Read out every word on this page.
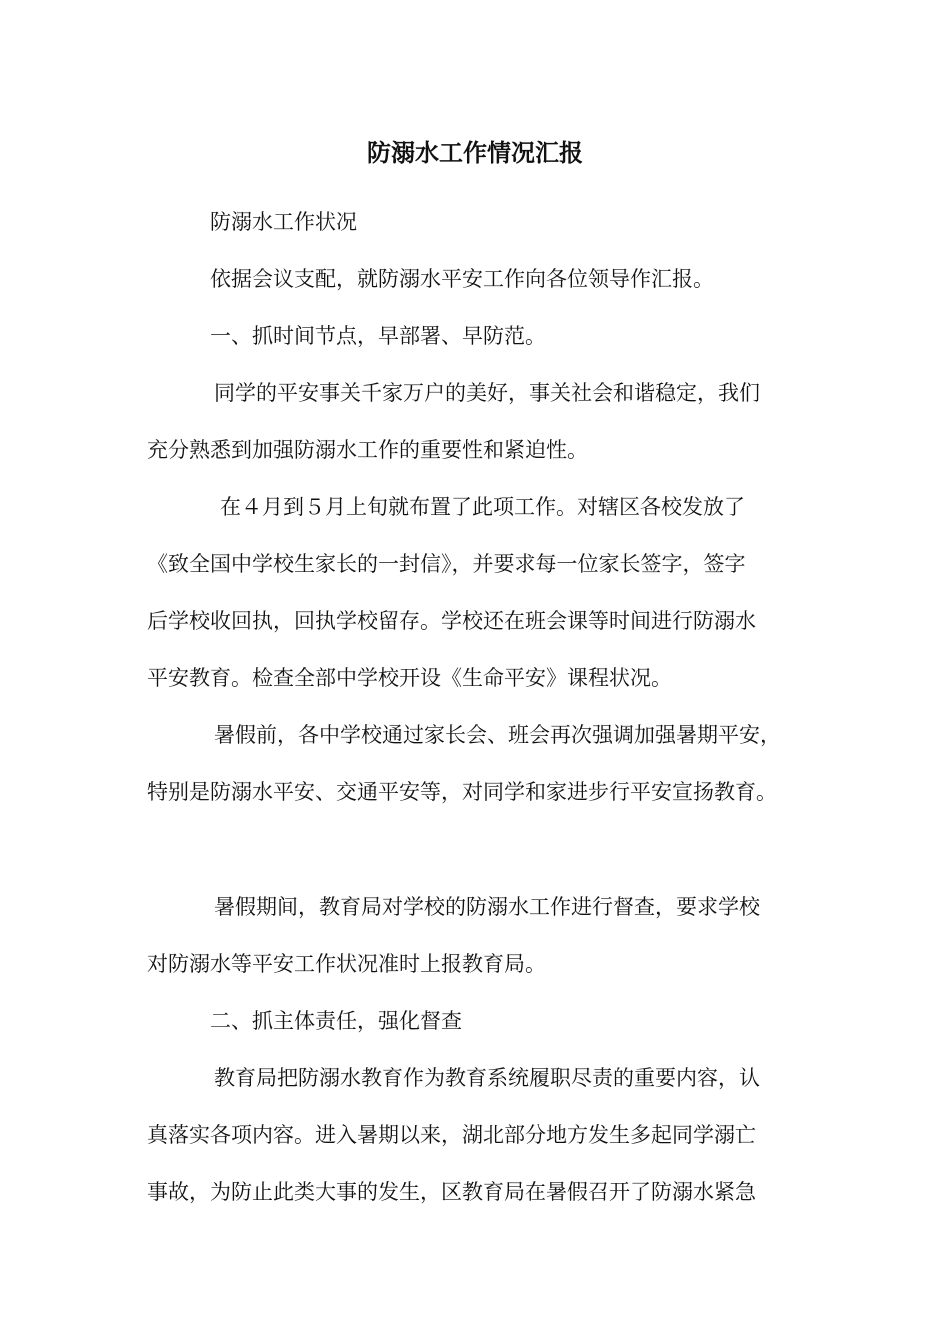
防溺水工作情况汇报

防溺水工作状况

依据会议支配，就防溺水平安工作向各位领导作汇报。

一、抓时间节点，早部署、早防范。

同学的平安事关千家万户的美好，事关社会和谐稳定，我们

充分熟悉到加强防溺水工作的重要性和紧迫性。

在４月到５月上旬就布置了此项工作。对辖区各校发放了

《致全国中学校生家长的一封信》，并要求每一位家长签字，签字

后学校收回执，回执学校留存。学校还在班会课等时间进行防溺水

平安教育。检查全部中学校开设《生命平安》课程状况。

暑假前，各中学校通过家长会、班会再次强调加强暑期平安，

特别是防溺水平安、交通平安等，对同学和家进步行平安宣扬教育。

暑假期间，教育局对学校的防溺水工作进行督查，要求学校

对防溺水等平安工作状况准时上报教育局。

二、抓主体责任，强化督查

教育局把防溺水教育作为教育系统履职尽责的重要内容，认

真落实各项内容。进入暑期以来，湖北部分地方发生多起同学溺亡

事故，为防止此类大事的发生，区教育局在暑假召开了防溺水紧急
